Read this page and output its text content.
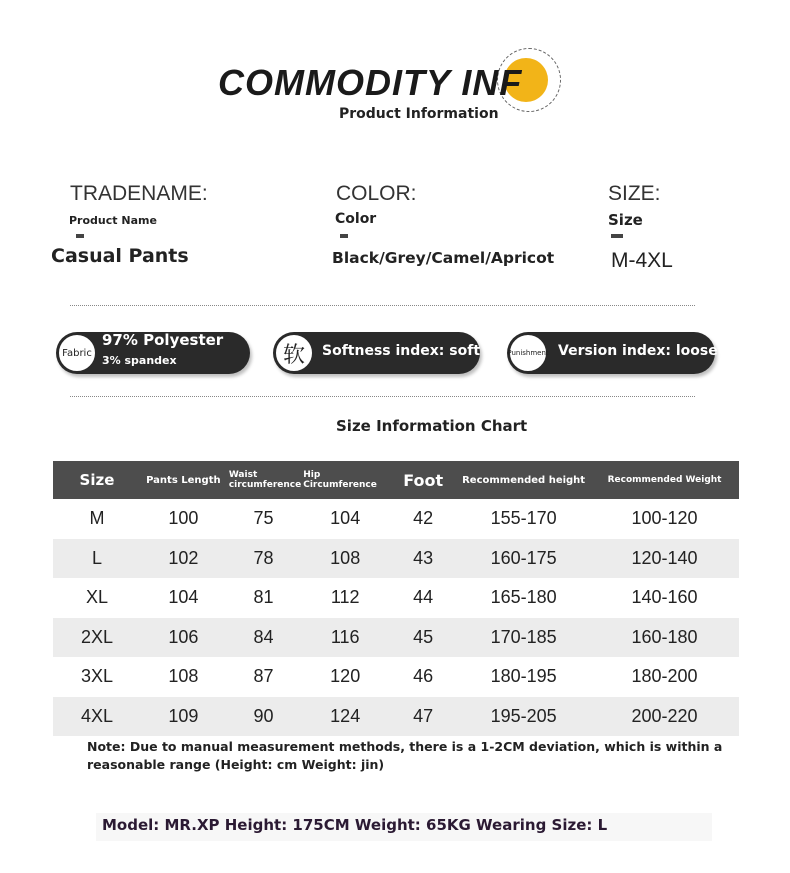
COMMODITY INF
Product Information
TRADENAME:
Product Name
Casual Pants
COLOR:
Color
Black/Grey/Camel/Apricot
SIZE:
Size
M-4XL
Fabric
97% Polyester
3% spandex	软	Softness index: soft	Punishment Version index: loose
Size Information Chart
Size	Pants Length	Waist circumference	Hip Circumference	Foot	Recommended height	Recommended Weight
M	100	75	104	42	155-170	100-120
L	102	78	108	43	160-175	120-140
XL	104	81	112	44	165-180	140-160
2XL	106	84	116	45	170-185	160-180
3XL	108	87	120	46	180-195	180-200
4XL	109	90	124	47	195-205	200-220
Note: Due to manual measurement methods, there is a 1-2CM deviation, which is within a reasonable range (Height: cm Weight: jin)
Model: MR.XP Height: 175CM Weight: 65KG Wearing Size: L
